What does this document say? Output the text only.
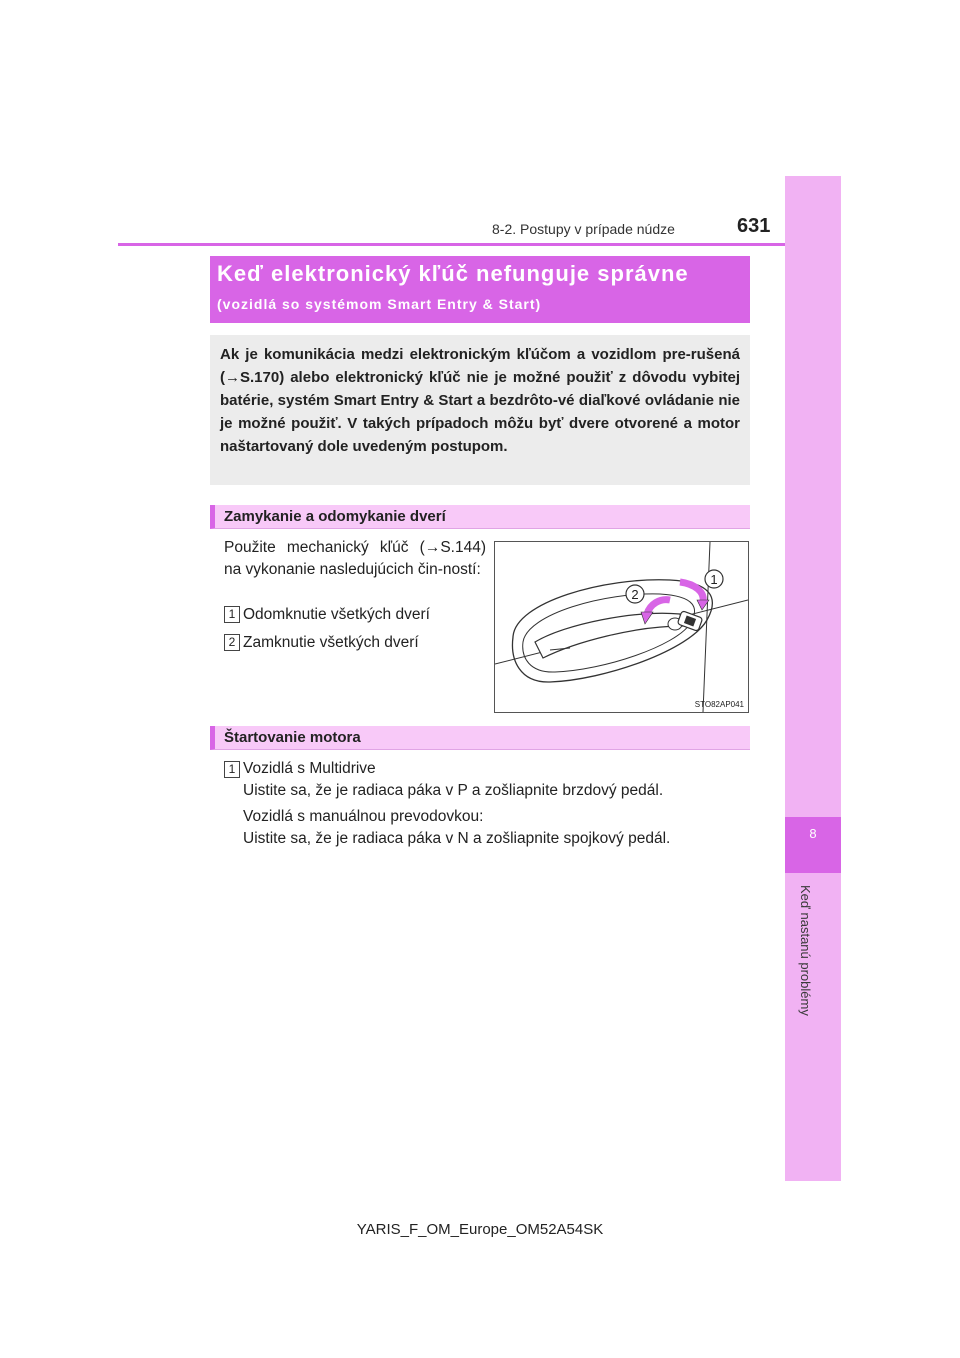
8
Keď nastanú problémy
8-2. Postupy v prípade núdze	631
Keď elektronický kľúč nefunguje správne
(vozidlá so systémom Smart Entry & Start)
Ak je komunikácia medzi elektronickým kľúčom a vozidlom pre-rušená (→S.170) alebo elektronický kľúč nie je možné použiť z dôvodu vybitej batérie, systém Smart Entry & Start a bezdrôto-vé diaľkové ovládanie nie je možné použiť. V takých prípadoch môžu byť dvere otvorené a motor naštartovaný dole uvedeným postupom.
Zamykanie a odomykanie dverí
Použite mechanický kľúč (→S.144) na vykonanie nasledujúcich čin-ností:
1 Odomknutie všetkých dverí
2 Zamknutie všetkých dverí
1
2
STO82AP041
Štartovanie motora
1 Vozidlá s Multidrive
Uistite sa, že je radiaca páka v P a zošliapnite brzdový pedál.
Vozidlá s manuálnou prevodovkou:
Uistite sa, že je radiaca páka v N a zošliapnite spojkový pedál.
YARIS_F_OM_Europe_OM52A54SK
